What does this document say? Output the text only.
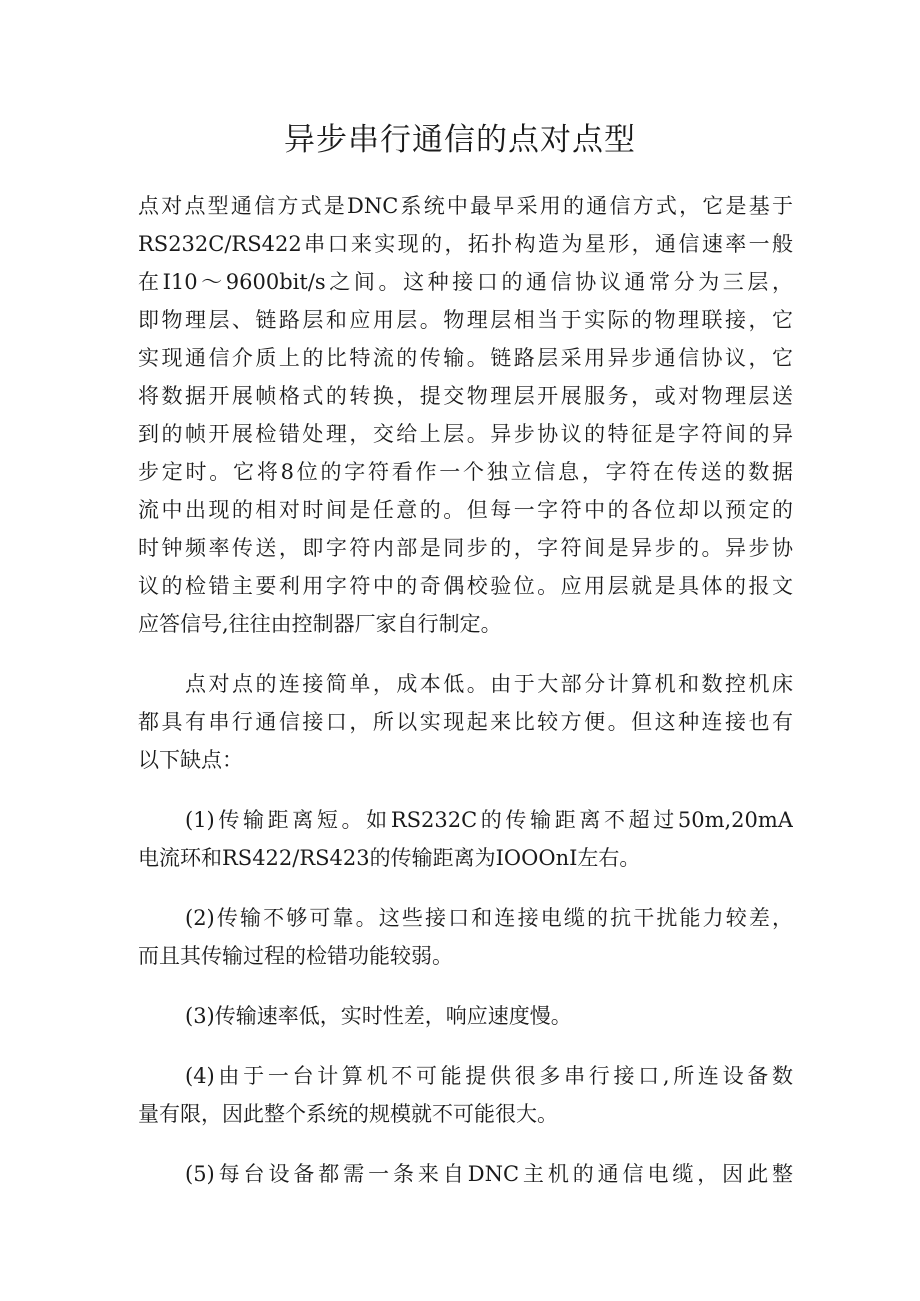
异步串行通信的点对点型

点对点型通信方式是DNC系统中最早采用的通信方式，它是基于

RS232C/RS422串口来实现的，拓扑构造为星形，通信速率一般

在I10～9600bit/s之间。这种接口的通信协议通常分为三层，

即物理层、链路层和应用层。物理层相当于实际的物理联接，它

实现通信介质上的比特流的传输。链路层采用异步通信协议，它

将数据开展帧格式的转换，提交物理层开展服务，或对物理层送

到的帧开展检错处理，交给上层。异步协议的特征是字符间的异

步定时。它将8位的字符看作一个独立信息，字符在传送的数据

流中出现的相对时间是任意的。但每一字符中的各位却以预定的

时钟频率传送，即字符内部是同步的，字符间是异步的。异步协

议的检错主要利用字符中的奇偶校验位。应用层就是具体的报文

应答信号,往往由控制器厂家自行制定。

点对点的连接简单，成本低。由于大部分计算机和数控机床

都具有串行通信接口，所以实现起来比较方便。但这种连接也有

以下缺点：

(1)传输距离短。如RS232C的传输距离不超过50m,20mA

电流环和RS422/RS423的传输距离为IOOOnI左右。

(2)传输不够可靠。这些接口和连接电缆的抗干扰能力较差，

而且其传输过程的检错功能较弱。

(3)传输速率低，实时性差，响应速度慢。

(4)由于一台计算机不可能提供很多串行接口,所连设备数

量有限，因此整个系统的规模就不可能很大。

(5)每台设备都需一条来自DNC主机的通信电缆，因此整
